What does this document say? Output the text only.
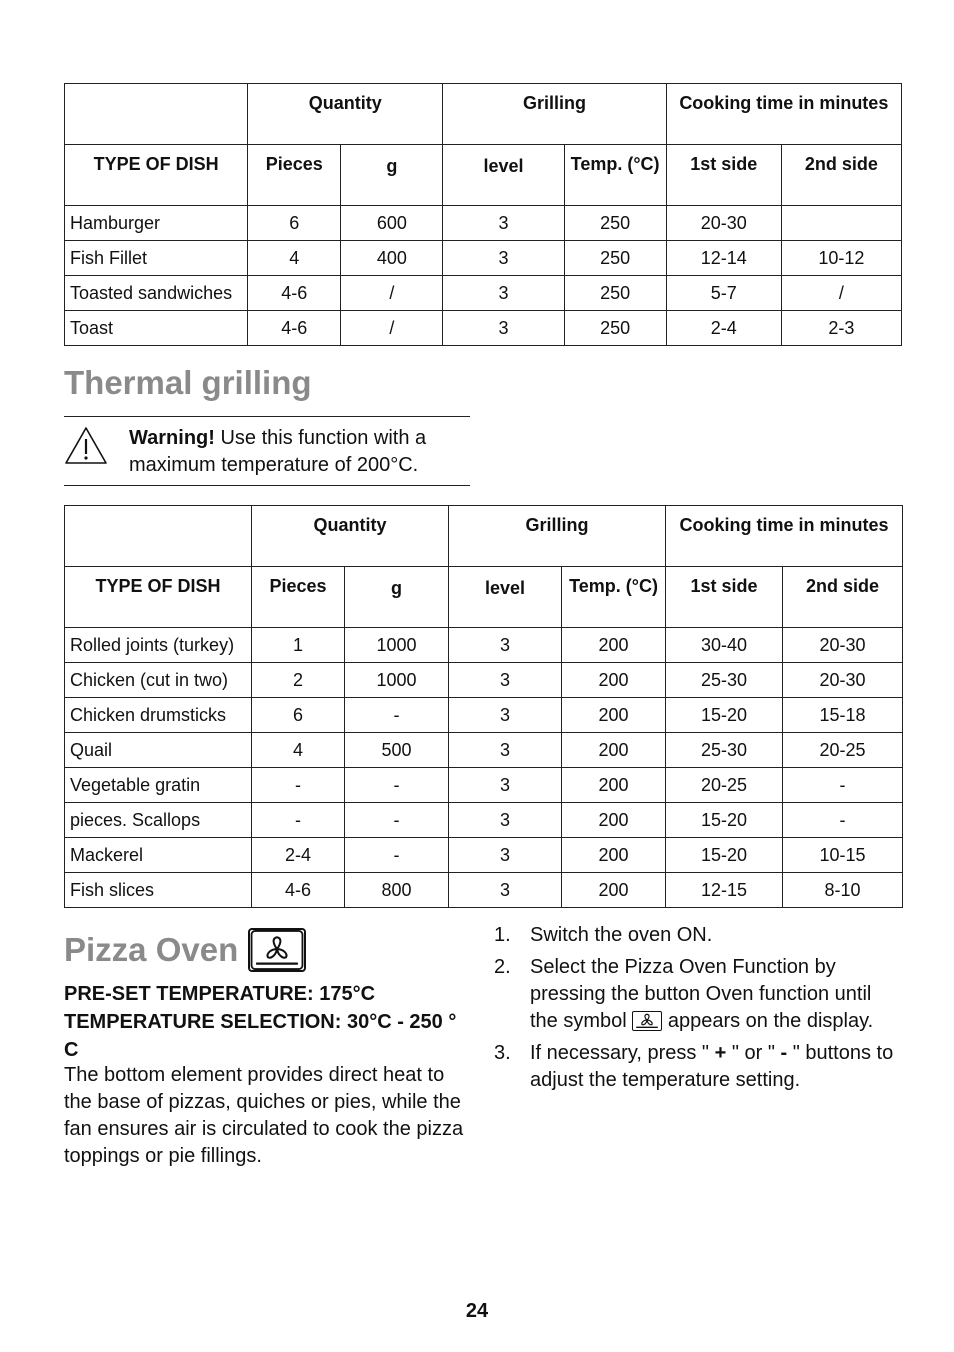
	Quantity		Grilling		Cooking time in minutes	
TYPE OF DISH	Pieces	g	level	Temp. (°C)	1st side	2nd side
Hamburger	6	600	3	250	20-30	
Fish Fillet	4	400	3	250	12-14	10-12
Toasted sandwiches	4-6	/	3	250	5-7	/
Toast	4-6	/	3	250	2-4	2-3
Thermal grilling
Warning! Use this function with a maximum temperature of 200°C.
	Quantity		Grilling		Cooking time in minutes	
TYPE OF DISH	Pieces	g	level	Temp. (°C)	1st side	2nd side
Rolled joints (turkey)	1	1000	3	200	30-40	20-30
Chicken (cut in two)	2	1000	3	200	25-30	20-30
Chicken drumsticks	6	-	3	200	15-20	15-18
Quail	4	500	3	200	25-30	20-25
Vegetable gratin	-	-	3	200	20-25	-
pieces. Scallops	-	-	3	200	15-20	-
Mackerel	2-4	-	3	200	15-20	10-15
Fish slices	4-6	800	3	200	12-15	8-10
Pizza Oven
PRE-SET TEMPERATURE: 175°C
TEMPERATURE SELECTION: 30°C - 250 ° C
The bottom element provides direct heat to the base of pizzas, quiches or pies, while the fan ensures air is circulated to cook the pizza toppings or pie fillings.
1. Switch the oven ON.
2. Select the Pizza Oven Function by pressing the button Oven function until the symbol  appears on the display.
3. If necessary, press " + " or " - " buttons to adjust the temperature setting.
24
